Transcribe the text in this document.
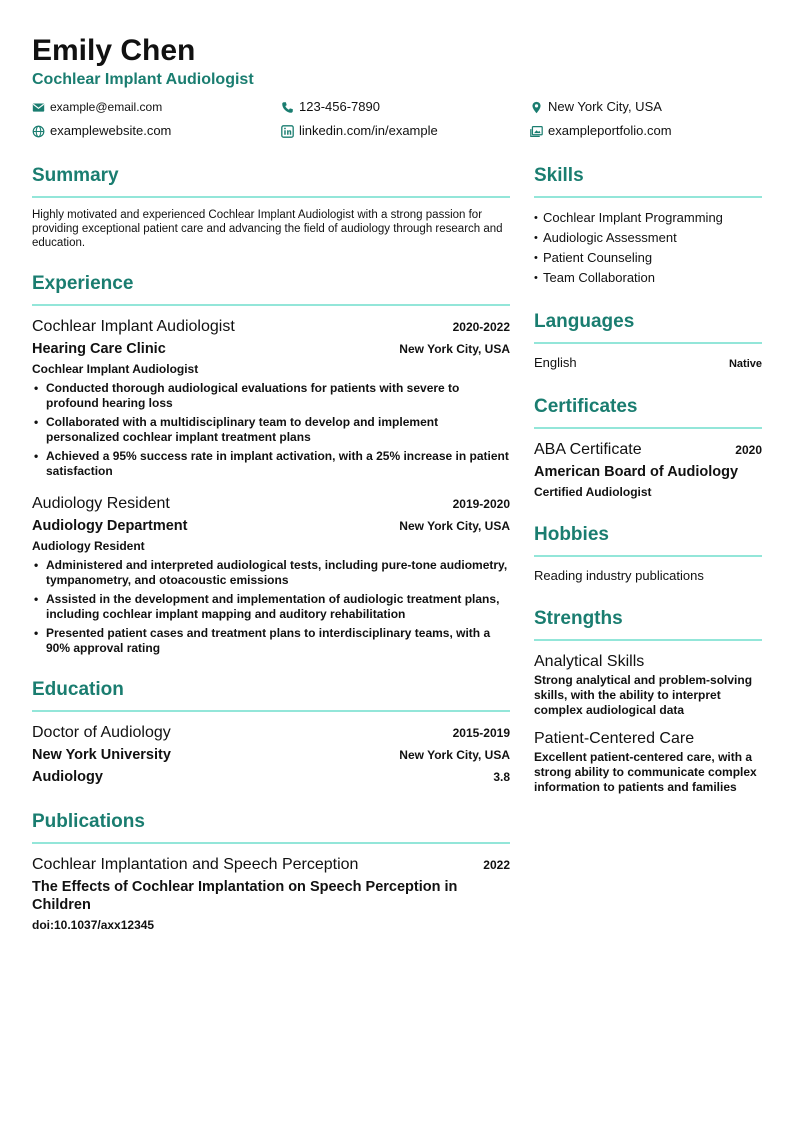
Emily Chen
Cochlear Implant Audiologist
example@email.com	123-456-7890	New York City, USA
examplewebsite.com	linkedin.com/in/example	exampleportfolio.com
Summary
Highly motivated and experienced Cochlear Implant Audiologist with a strong passion for providing exceptional patient care and advancing the field of audiology through research and education.
Experience
Cochlear Implant Audiologist	2020-2022
Hearing Care Clinic	New York City, USA
Cochlear Implant Audiologist
• Conducted thorough audiological evaluations for patients with severe to profound hearing loss
• Collaborated with a multidisciplinary team to develop and implement personalized cochlear implant treatment plans
• Achieved a 95% success rate in implant activation, with a 25% increase in patient satisfaction
Audiology Resident	2019-2020
Audiology Department	New York City, USA
Audiology Resident
• Administered and interpreted audiological tests, including pure-tone audiometry, tympanometry, and otoacoustic emissions
• Assisted in the development and implementation of audiologic treatment plans, including cochlear implant mapping and auditory rehabilitation
• Presented patient cases and treatment plans to interdisciplinary teams, with a 90% approval rating
Education
Doctor of Audiology	2015-2019
New York University	New York City, USA
Audiology	3.8
Publications
Cochlear Implantation and Speech Perception	2022
The Effects of Cochlear Implantation on Speech Perception in Children
doi:10.1037/axx12345
Skills
• Cochlear Implant Programming
• Audiologic Assessment
• Patient Counseling
• Team Collaboration
Languages
English	Native
Certificates
ABA Certificate	2020
American Board of Audiology
Certified Audiologist
Hobbies
Reading industry publications
Strengths
Analytical Skills
Strong analytical and problem-solving skills, with the ability to interpret complex audiological data
Patient-Centered Care
Excellent patient-centered care, with a strong ability to communicate complex information to patients and families
